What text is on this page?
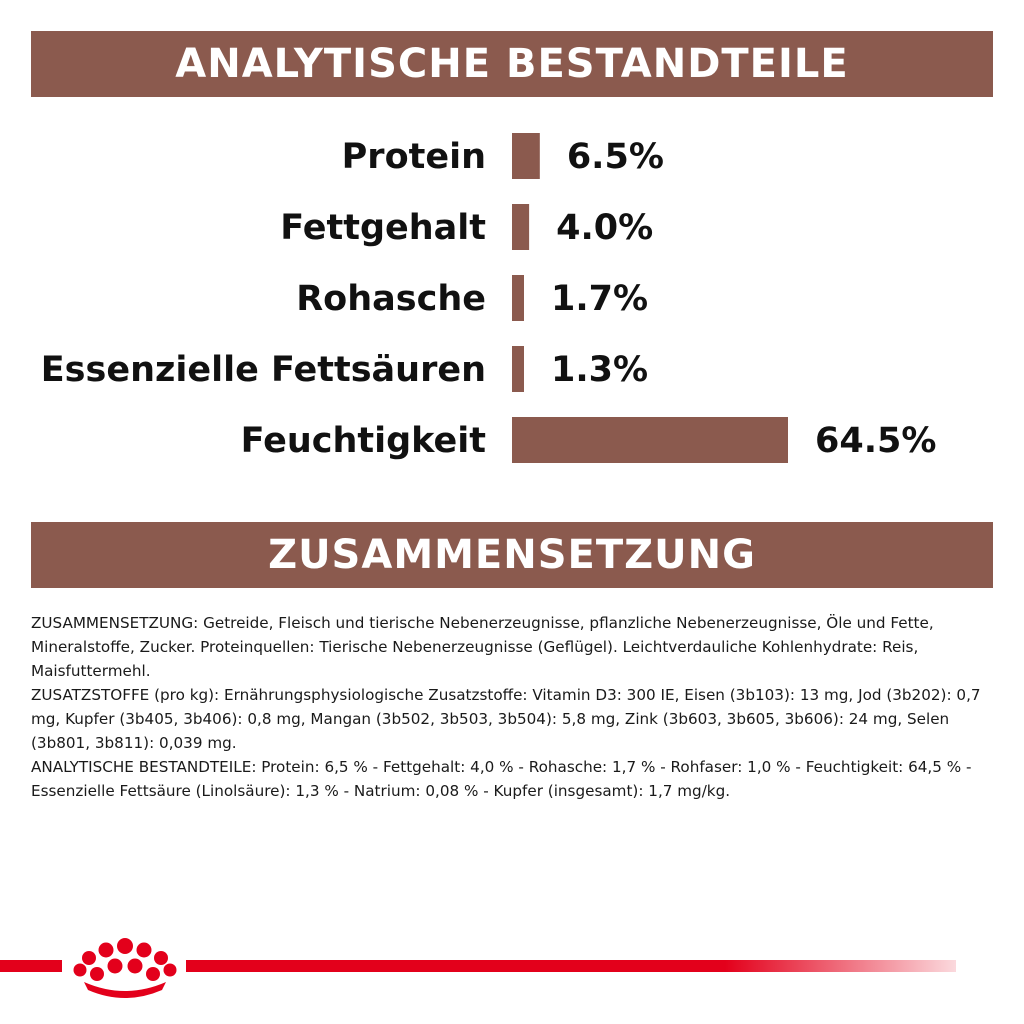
ANALYTISCHE BESTANDTEILE
Protein 6.5%
Fettgehalt 4.0%
Rohasche 1.7%
Essenzielle Fettsäuren 1.3%
Feuchtigkeit	64.5%
ZUSAMMENSETZUNG

ZUSAMMENSETZUNG: Getreide, Fleisch und tierische Nebenerzeugnisse, pflanzliche Nebenerzeugnisse, Öle und Fette, Mineralstoffe, Zucker. Proteinquellen: Tierische Nebenerzeugnisse (Geflügel). Leichtverdauliche Kohlenhydrate: Reis, Maisfuttermehl.

ZUSATZSTOFFE (pro kg): Ernährungsphysiologische Zusatzstoffe: Vitamin D3: 300 IE, Eisen (3b103): 13 mg, Jod (3b202): 0,7 mg, Kupfer (3b405, 3b406): 0,8 mg, Mangan (3b502, 3b503, 3b504): 5,8 mg, Zink (3b603, 3b605, 3b606): 24 mg, Selen (3b801, 3b811): 0,039 mg.

ANALYTISCHE BESTANDTEILE: Protein: 6,5 % - Fettgehalt: 4,0 % - Rohasche: 1,7 % - Rohfaser: 1,0 % - Feuchtigkeit: 64,5 % - Essenzielle Fettsäure (Linolsäure): 1,3 % - Natrium: 0,08 % - Kupfer (insgesamt): 1,7 mg/kg.
